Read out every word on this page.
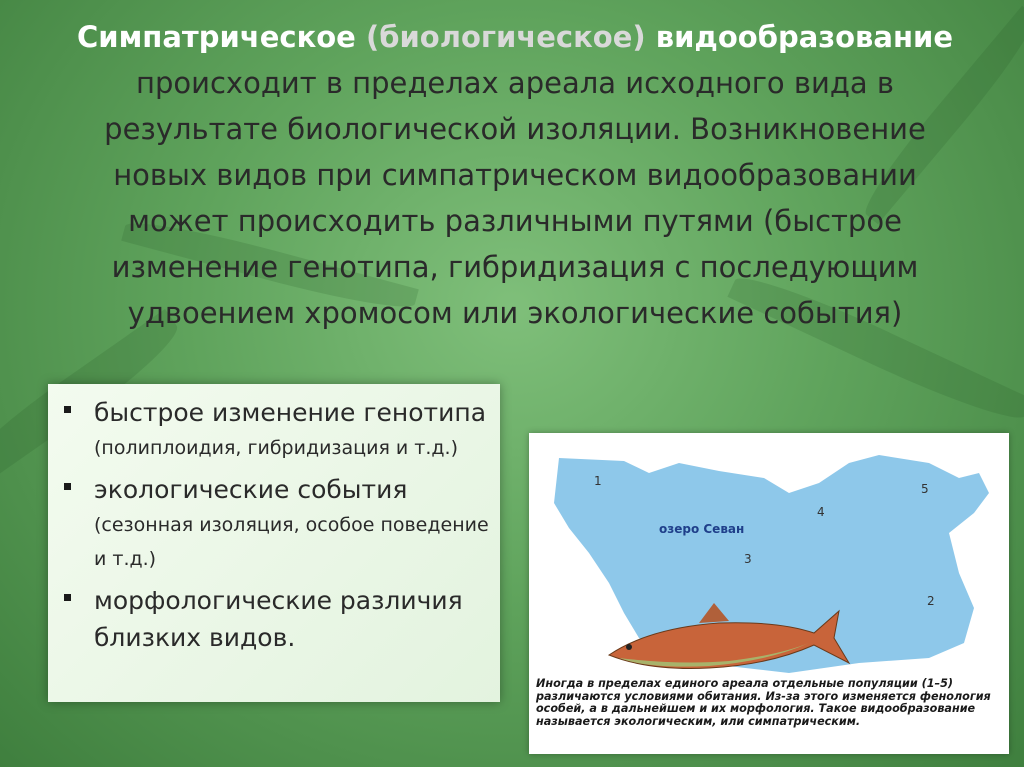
Симпатрическое (биологическое) видообразование происходит в пределах ареала исходного вида в результате биологической изоляции. Возникновение новых видов при симпатрическом видообразовании может происходить различными путями (быстрое изменение генотипа, гибридизация с последующим удвоением хромосом или экологические события)
быстрое изменение генотипа (полиплоидия, гибридизация и т.д.)
экологические события
(сезонная изоляция, особое поведение и т.д.)
морфологические различия близких видов.
озеро Севан
1
2
3
4
5
Иногда в пределах единого ареала отдельные популяции (1–5) различаются условиями обитания. Из-за этого изменяется фенология особей, а в дальнейшем и их морфология. Такое видообразование называется экологическим, или симпатрическим.
